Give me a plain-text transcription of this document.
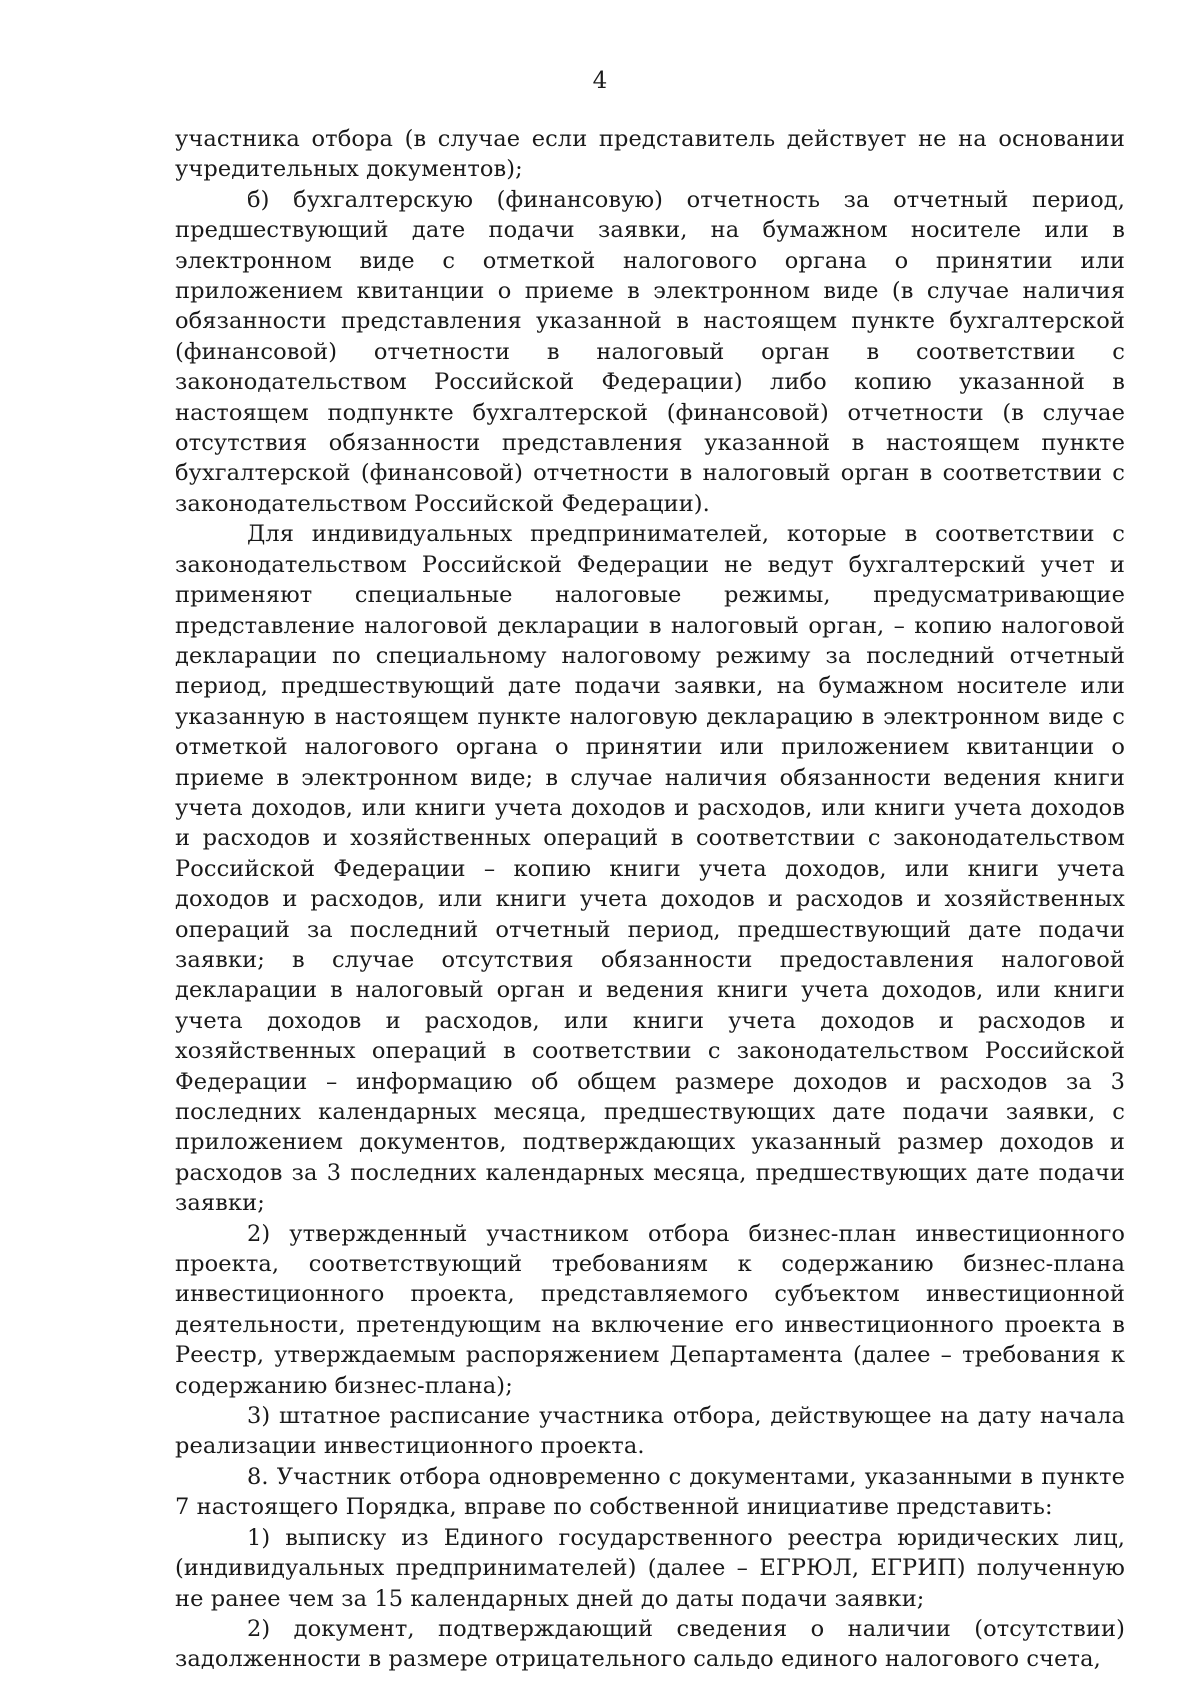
4

участника отбора (в случае если представитель действует не на основании учредительных документов);

б) бухгалтерскую (финансовую) отчетность за отчетный период, предшествующий дате подачи заявки, на бумажном носителе или в электронном виде с отметкой налогового органа о принятии или приложением квитанции о приеме в электронном виде (в случае наличия обязанности представления указанной в настоящем пункте бухгалтерской (финансовой) отчетности в налоговый орган в соответствии с законодательством Российской Федерации) либо копию указанной в настоящем подпункте бухгалтерской (финансовой) отчетности (в случае отсутствия обязанности представления указанной в настоящем пункте бухгалтерской (финансовой) отчетности в налоговый орган в соответствии с законодательством Российской Федерации).

Для индивидуальных предпринимателей, которые в соответствии с законодательством Российской Федерации не ведут бухгалтерский учет и применяют специальные налоговые режимы, предусматривающие представление налоговой декларации в налоговый орган, – копию налоговой декларации по специальному налоговому режиму за последний отчетный период, предшествующий дате подачи заявки, на бумажном носителе или указанную в настоящем пункте налоговую декларацию в электронном виде с отметкой налогового органа о принятии или приложением квитанции о приеме в электронном виде; в случае наличия обязанности ведения книги учета доходов, или книги учета доходов и расходов, или книги учета доходов и расходов и хозяйственных операций в соответствии с законодательством Российской Федерации – копию книги учета доходов, или книги учета доходов и расходов, или книги учета доходов и расходов и хозяйственных операций за последний отчетный период, предшествующий дате подачи заявки; в случае отсутствия обязанности предоставления налоговой декларации в налоговый орган и ведения книги учета доходов, или книги учета доходов и расходов, или книги учета доходов и расходов и хозяйственных операций в соответствии с законодательством Российской Федерации – информацию об общем размере доходов и расходов за 3 последних календарных месяца, предшествующих дате подачи заявки, с приложением документов, подтверждающих указанный размер доходов и расходов за 3 последних календарных месяца, предшествующих дате подачи заявки;

2) утвержденный участником отбора бизнес-план инвестиционного проекта, соответствующий требованиям к содержанию бизнес-плана инвестиционного проекта, представляемого субъектом инвестиционной деятельности, претендующим на включение его инвестиционного проекта в Реестр, утверждаемым распоряжением Департамента (далее – требования к содержанию бизнес-плана);

3) штатное расписание участника отбора, действующее на дату начала реализации инвестиционного проекта.

8. Участник отбора одновременно с документами, указанными в пункте 7 настоящего Порядка, вправе по собственной инициативе представить:

1) выписку из Единого государственного реестра юридических лиц, (индивидуальных предпринимателей) (далее – ЕГРЮЛ, ЕГРИП) полученную не ранее чем за 15 календарных дней до даты подачи заявки;

2) документ, подтверждающий сведения о наличии (отсутствии) задолженности в размере отрицательного сальдо единого налогового счета,
